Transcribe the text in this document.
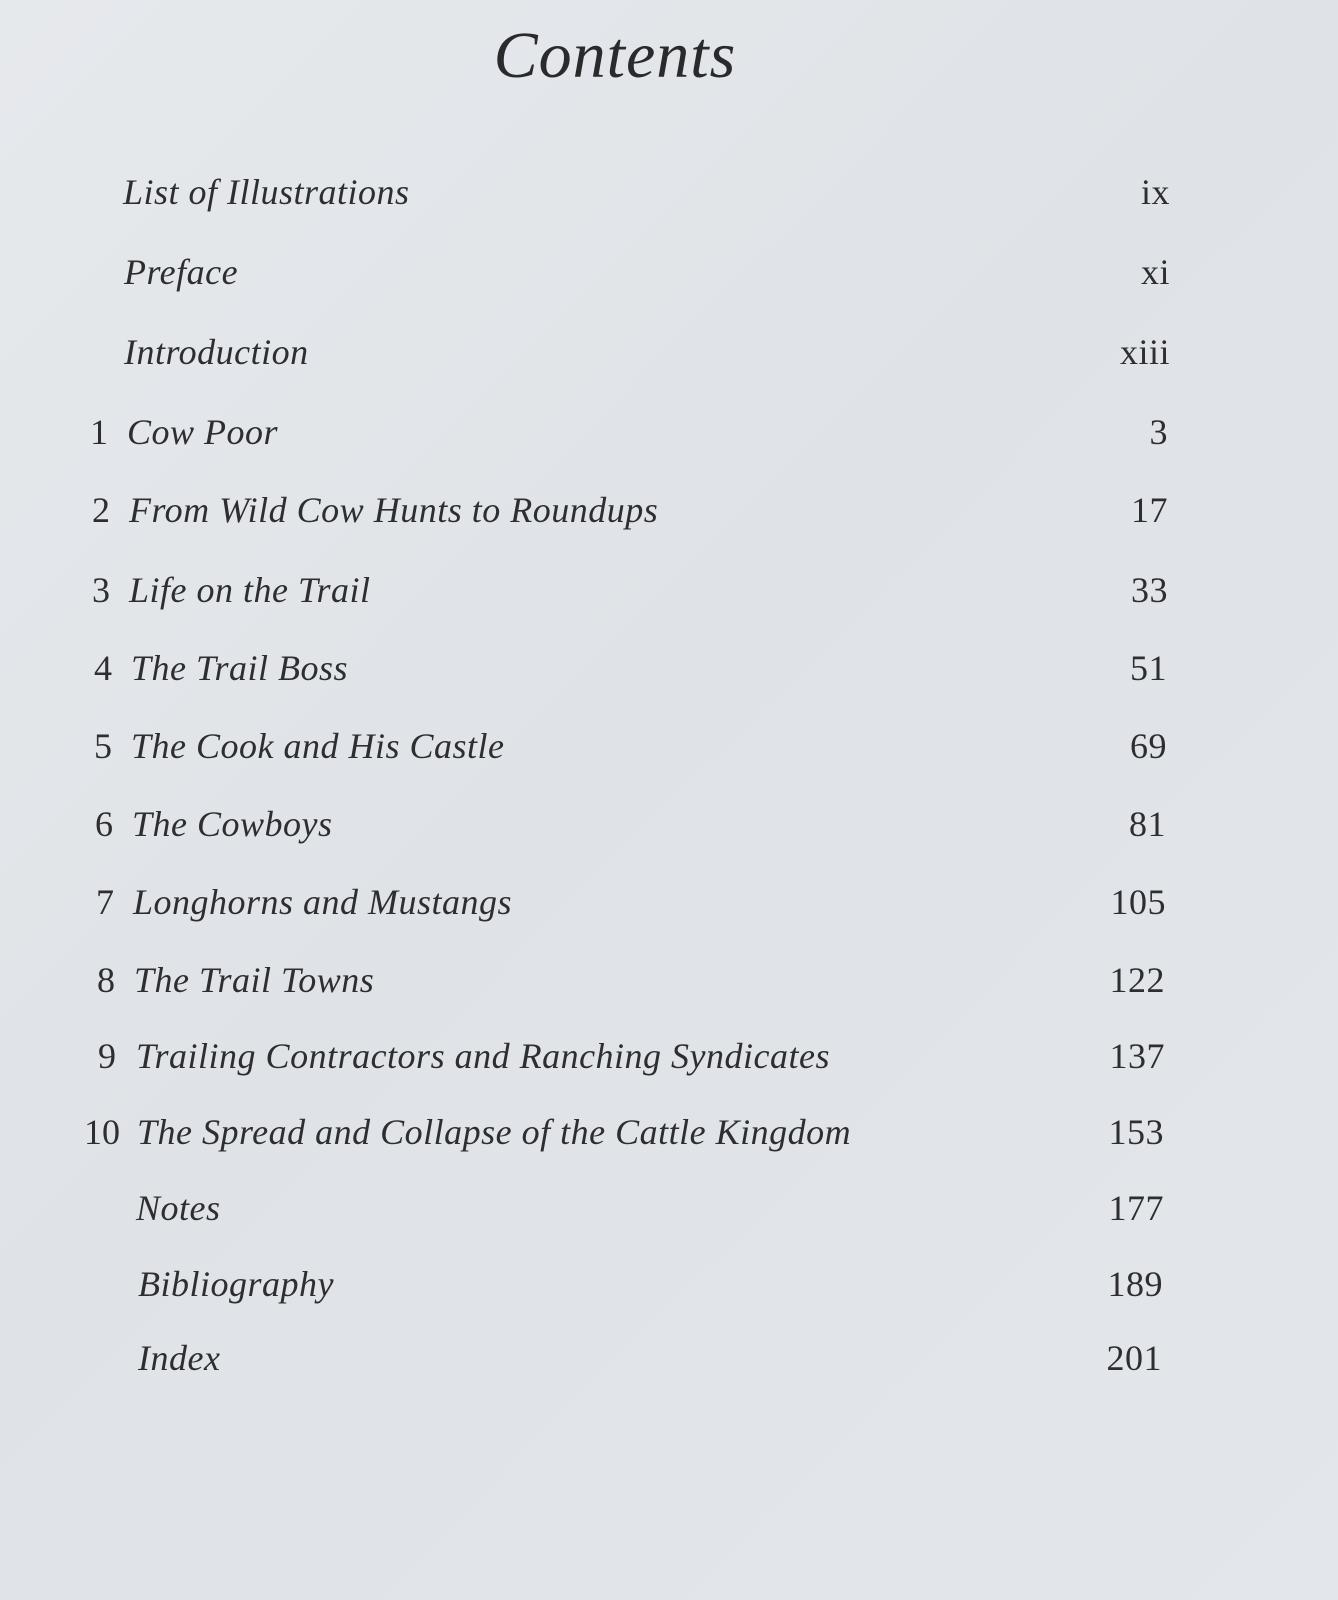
Contents
List of Illustrations	ix
Preface	xi
Introduction	xiii
1 Cow Poor	3
2 From Wild Cow Hunts to Roundups	17
3 Life on the Trail	33
4 The Trail Boss	51
5 The Cook and His Castle	69
6 The Cowboys	81
7 Longhorns and Mustangs	105
8 The Trail Towns	122
9 Trailing Contractors and Ranching Syndicates	137
10 The Spread and Collapse of the Cattle Kingdom	153
Notes	177
Bibliography	189
Index	201
